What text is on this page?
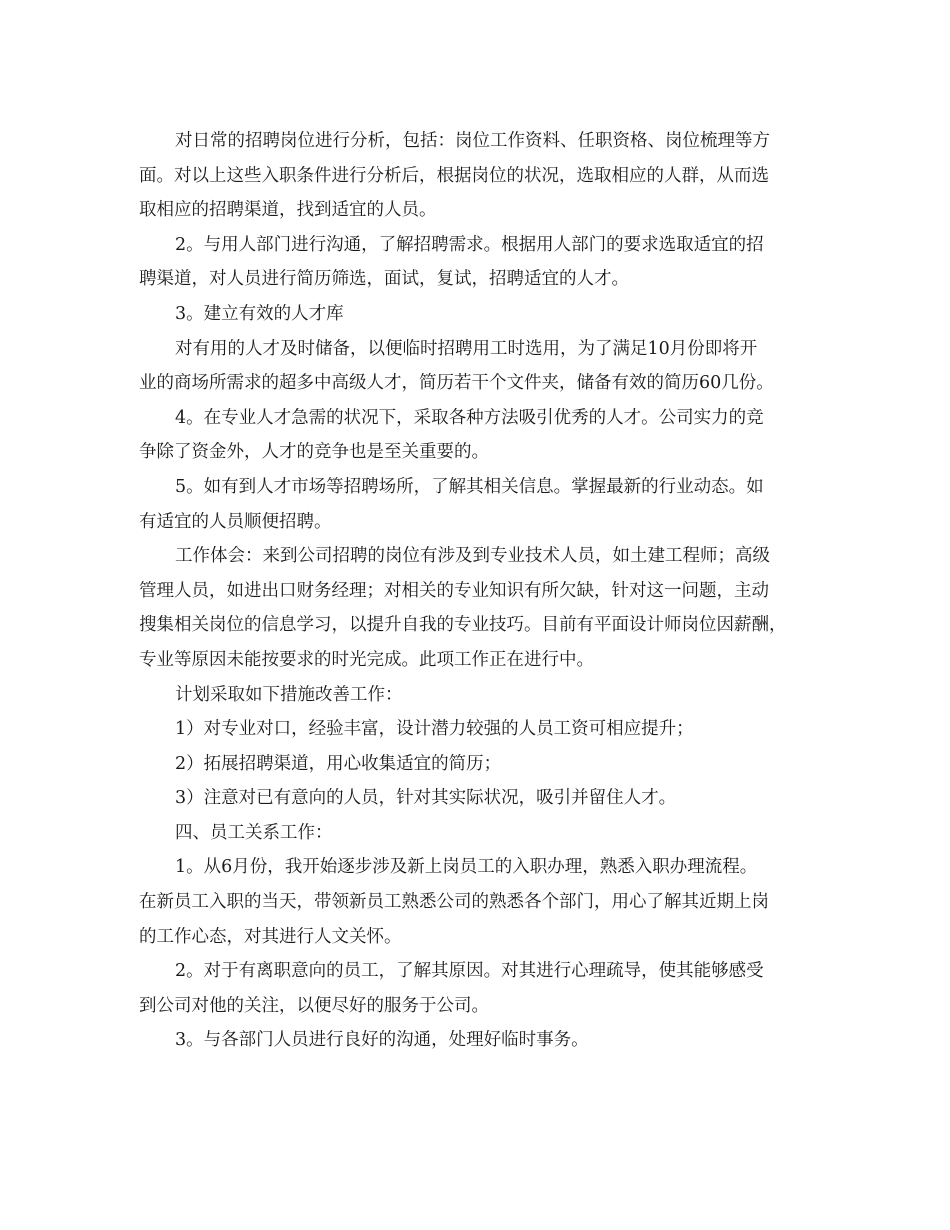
对日常的招聘岗位进行分析，包括：岗位工作资料、任职资格、岗位梳理等方

面。对以上这些入职条件进行分析后，根据岗位的状况，选取相应的人群，从而选

取相应的招聘渠道，找到适宜的人员。

2。与用人部门进行沟通，了解招聘需求。根据用人部门的要求选取适宜的招

聘渠道，对人员进行简历筛选，面试，复试，招聘适宜的人才。

3。建立有效的人才库

对有用的人才及时储备，以便临时招聘用工时选用，为了满足10月份即将开

业的商场所需求的超多中高级人才，简历若干个文件夹，储备有效的简历60几份。

4。在专业人才急需的状况下，采取各种方法吸引优秀的人才。公司实力的竞

争除了资金外，人才的竞争也是至关重要的。

5。如有到人才市场等招聘场所，了解其相关信息。掌握最新的行业动态。如

有适宜的人员顺便招聘。

工作体会：来到公司招聘的岗位有涉及到专业技术人员，如土建工程师；高级

管理人员，如进出口财务经理；对相关的专业知识有所欠缺，针对这一问题，主动

搜集相关岗位的信息学习，以提升自我的专业技巧。目前有平面设计师岗位因薪酬，

专业等原因未能按要求的时光完成。此项工作正在进行中。

计划采取如下措施改善工作：

1）对专业对口，经验丰富，设计潜力较强的人员工资可相应提升；

2）拓展招聘渠道，用心收集适宜的简历；

3）注意对已有意向的人员，针对其实际状况，吸引并留住人才。

四、员工关系工作：

1。从6月份，我开始逐步涉及新上岗员工的入职办理，熟悉入职办理流程。

在新员工入职的当天，带领新员工熟悉公司的熟悉各个部门，用心了解其近期上岗

的工作心态，对其进行人文关怀。

2。对于有离职意向的员工，了解其原因。对其进行心理疏导，使其能够感受

到公司对他的关注，以便尽好的服务于公司。

3。与各部门人员进行良好的沟通，处理好临时事务。
